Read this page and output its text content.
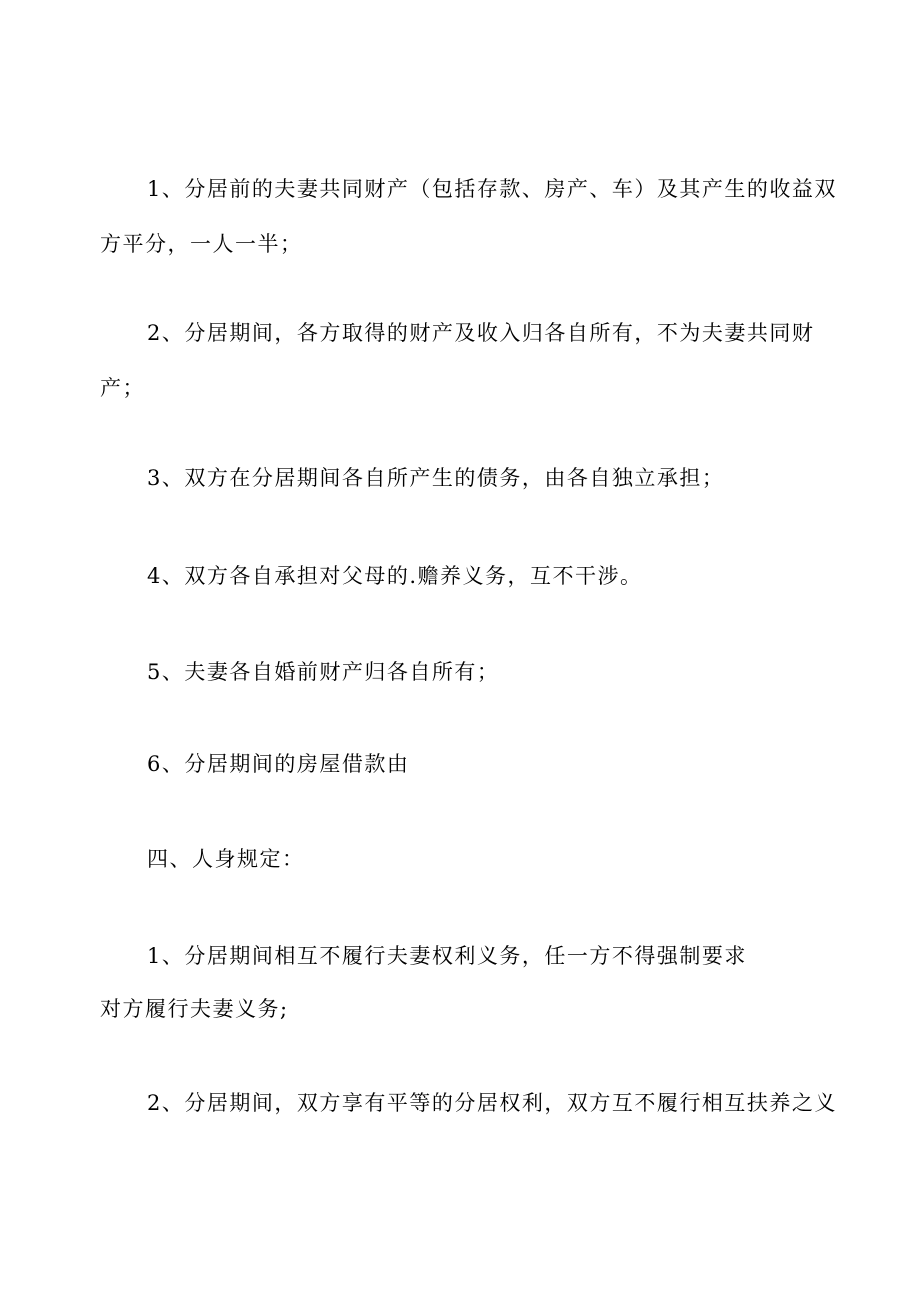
1、分居前的夫妻共同财产（包括存款、房产、车）及其产生的收益双
方平分，一人一半；
2、分居期间，各方取得的财产及收入归各自所有，不为夫妻共同财
产；
3、双方在分居期间各自所产生的债务，由各自独立承担；
4、双方各自承担对父母的.赡养义务，互不干涉。
5、夫妻各自婚前财产归各自所有；
6、分居期间的房屋借款由
四、人身规定：
1、分居期间相互不履行夫妻权利义务，任一方不得强制要求
对方履行夫妻义务;
2、分居期间，双方享有平等的分居权利，双方互不履行相互扶养之义
